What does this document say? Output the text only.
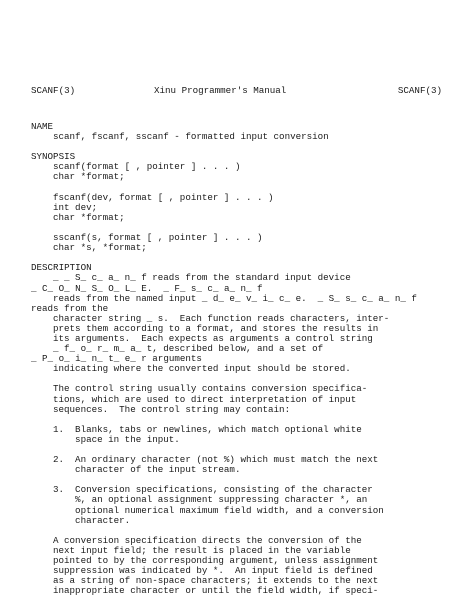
SCANF(3)	Xinu Programmer's Manual	SCANF(3)
NAME
scanf, fscanf, sscanf - formatted input conversion
SYNOPSIS
scanf(format [ , pointer ] . . . )
char *format;
fscanf(dev, format [ , pointer ] . . . )
int dev;
char *format;
sscanf(s, format [ , pointer ] . . . )
char *s, *format;
DESCRIPTION
_ _ S_ c_ a_ n_ f reads from the standard input device
_ C_ O_ N_ S_ O_ L_ E.  _ F_ s_ c_ a_ n_ f
reads from the named input _ d_ e_ v_ i_ c_ e.  _ S_ s_ c_ a_ n_ f
reads from the
character string _ s.  Each function reads characters, inter-
prets them according to a format, and stores the results in
its arguments.  Each expects as arguments a control string
_ f_ o_ r_ m_ a_ t, described below, and a set of
_ P_ o_ i_ n_ t_ e_ r arguments
indicating where the converted input should be stored.
The control string usually contains conversion specifica-
tions, which are used to direct interpretation of input
sequences.  The control string may contain:
1.  Blanks, tabs or newlines, which match optional white
space in the input.
2.  An ordinary character (not %) which must match the next
character of the input stream.
3.  Conversion specifications, consisting of the character
%, an optional assignment suppressing character *, an
optional numerical maximum field width, and a conversion
character.
A conversion specification directs the conversion of the
next input field; the result is placed in the variable
pointed to by the corresponding argument, unless assignment
suppression was indicated by *.  An input field is defined
as a string of non-space characters; it extends to the next
inappropriate character or until the field width, if speci-
